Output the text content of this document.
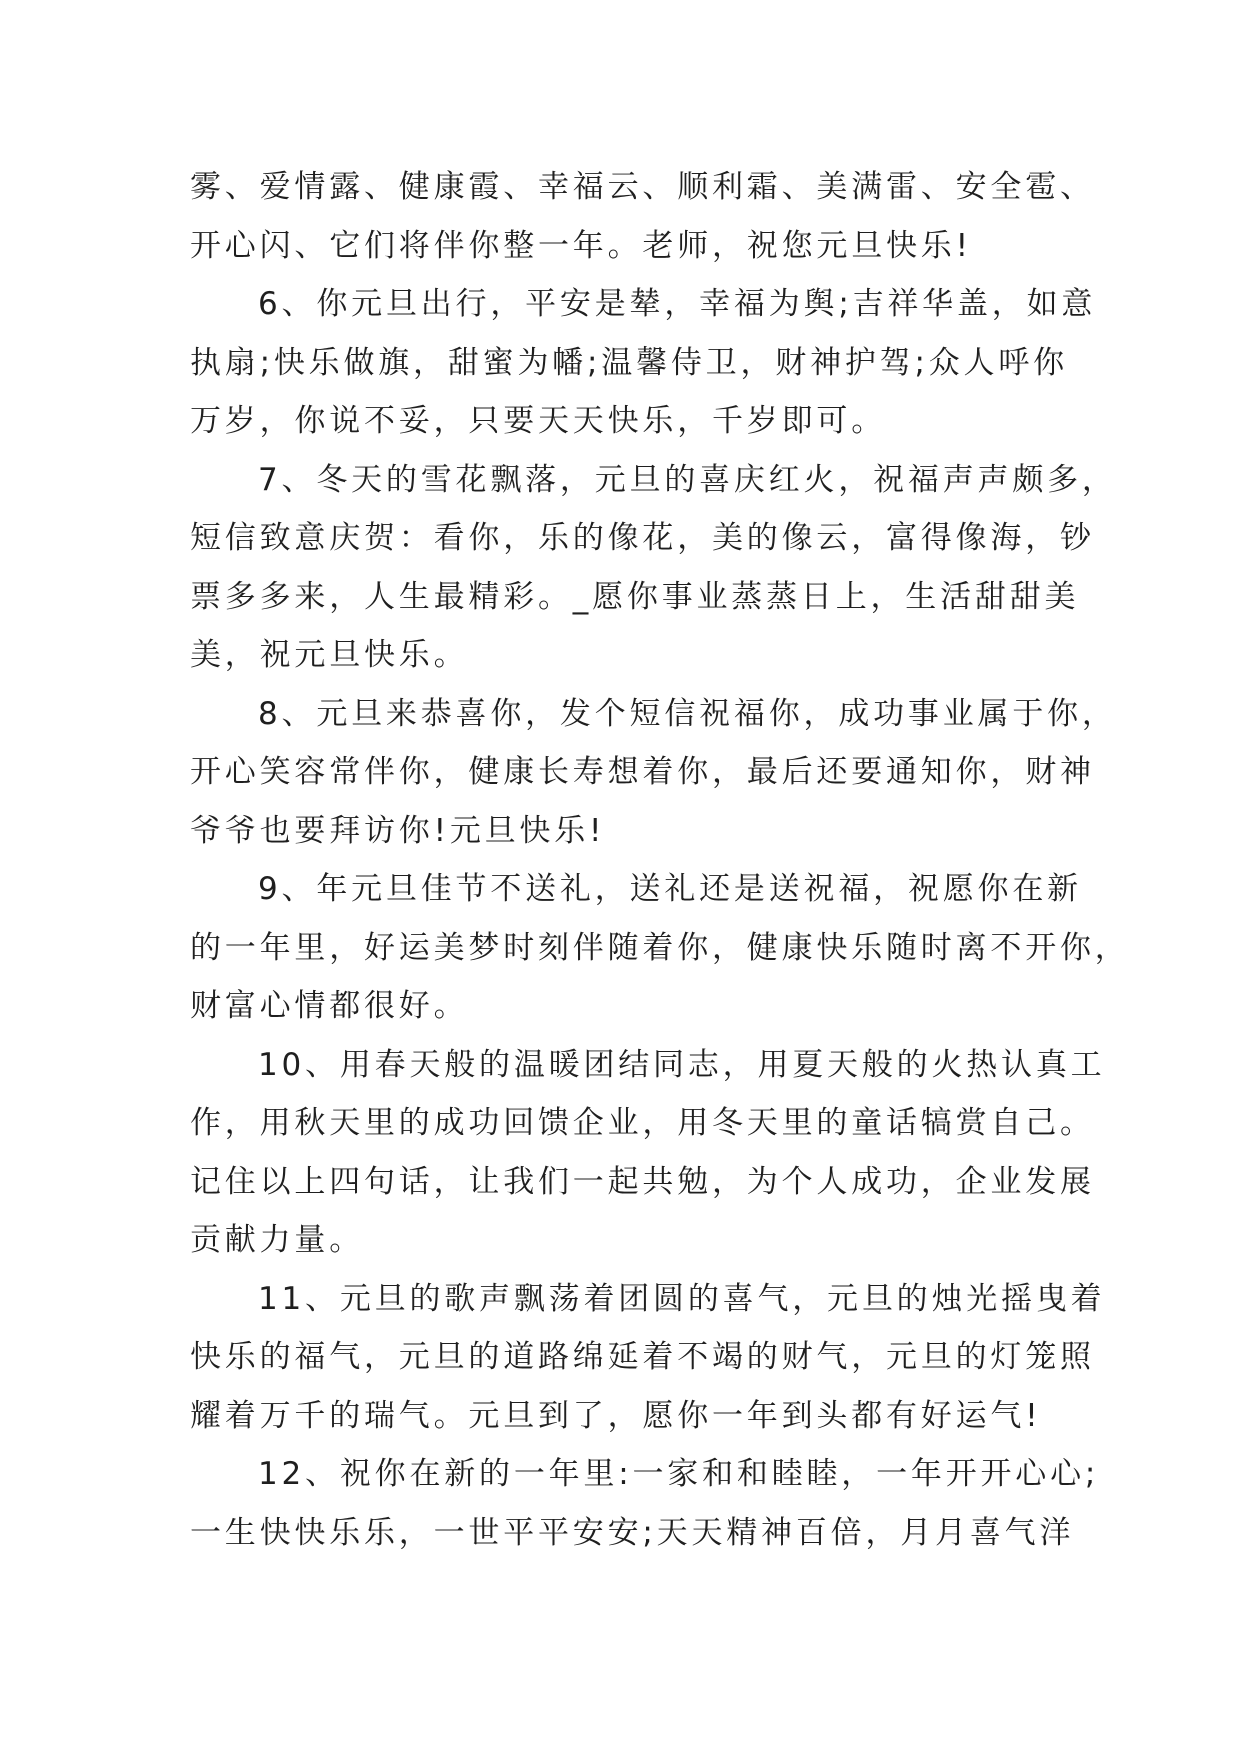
雾、爱情露、健康霞、幸福云、顺利霜、美满雷、安全雹、
开心闪、它们将伴你整一年。老师，祝您元旦快乐!
6、你元旦出行，平安是辇，幸福为舆;吉祥华盖，如意
执扇;快乐做旗，甜蜜为幡;温馨侍卫，财神护驾;众人呼你
万岁，你说不妥，只要天天快乐，千岁即可。
7、冬天的雪花飘落，元旦的喜庆红火，祝福声声颇多，
短信致意庆贺：看你，乐的像花，美的像云，富得像海，钞
票多多来，人生最精彩。_愿你事业蒸蒸日上，生活甜甜美
美，祝元旦快乐。
8、元旦来恭喜你，发个短信祝福你，成功事业属于你，
开心笑容常伴你，健康长寿想着你，最后还要通知你，财神
爷爷也要拜访你!元旦快乐!
9、年元旦佳节不送礼，送礼还是送祝福，祝愿你在新
的一年里，好运美梦时刻伴随着你，健康快乐随时离不开你，
财富心情都很好。
10、用春天般的温暖团结同志，用夏天般的火热认真工
作，用秋天里的成功回馈企业，用冬天里的童话犒赏自己。
记住以上四句话，让我们一起共勉，为个人成功，企业发展
贡献力量。
11、元旦的歌声飘荡着团圆的喜气，元旦的烛光摇曳着
快乐的福气，元旦的道路绵延着不竭的财气，元旦的灯笼照
耀着万千的瑞气。元旦到了，愿你一年到头都有好运气!
12、祝你在新的一年里:一家和和睦睦，一年开开心心;
一生快快乐乐，一世平平安安;天天精神百倍，月月喜气洋
